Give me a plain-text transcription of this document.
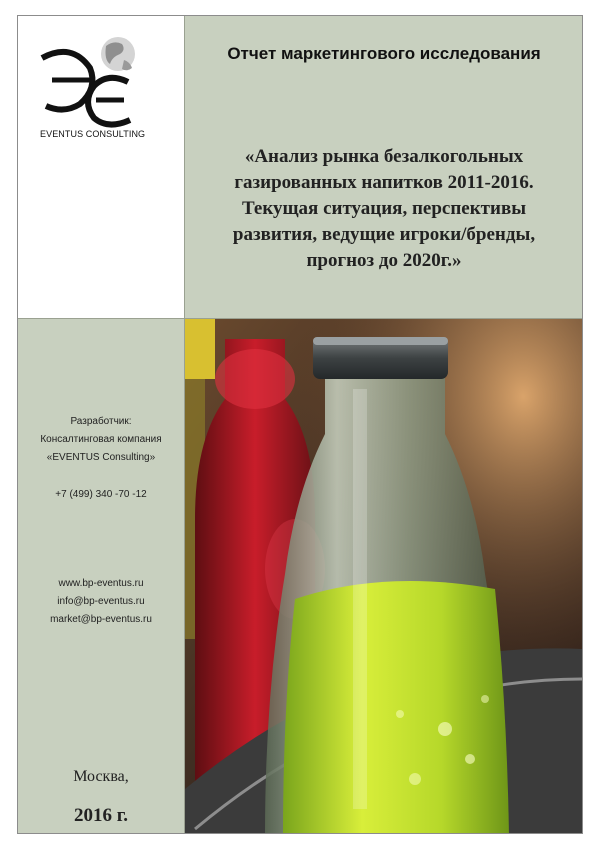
EVENTUS CONSULTING
Отчет маркетингового исследования
«Анализ рынка безалкогольных
газированных напитков 2011-2016.
Текущая ситуация, перспективы
развития, ведущие игроки/бренды,
прогноз до 2020г.»
Разработчик:
Консалтинговая компания
«EVENTUS Consulting»
+7 (499) 340 -70 -12
www.bp-eventus.ru
info@bp-eventus.ru
market@bp-eventus.ru
Москва,
2016 г.
